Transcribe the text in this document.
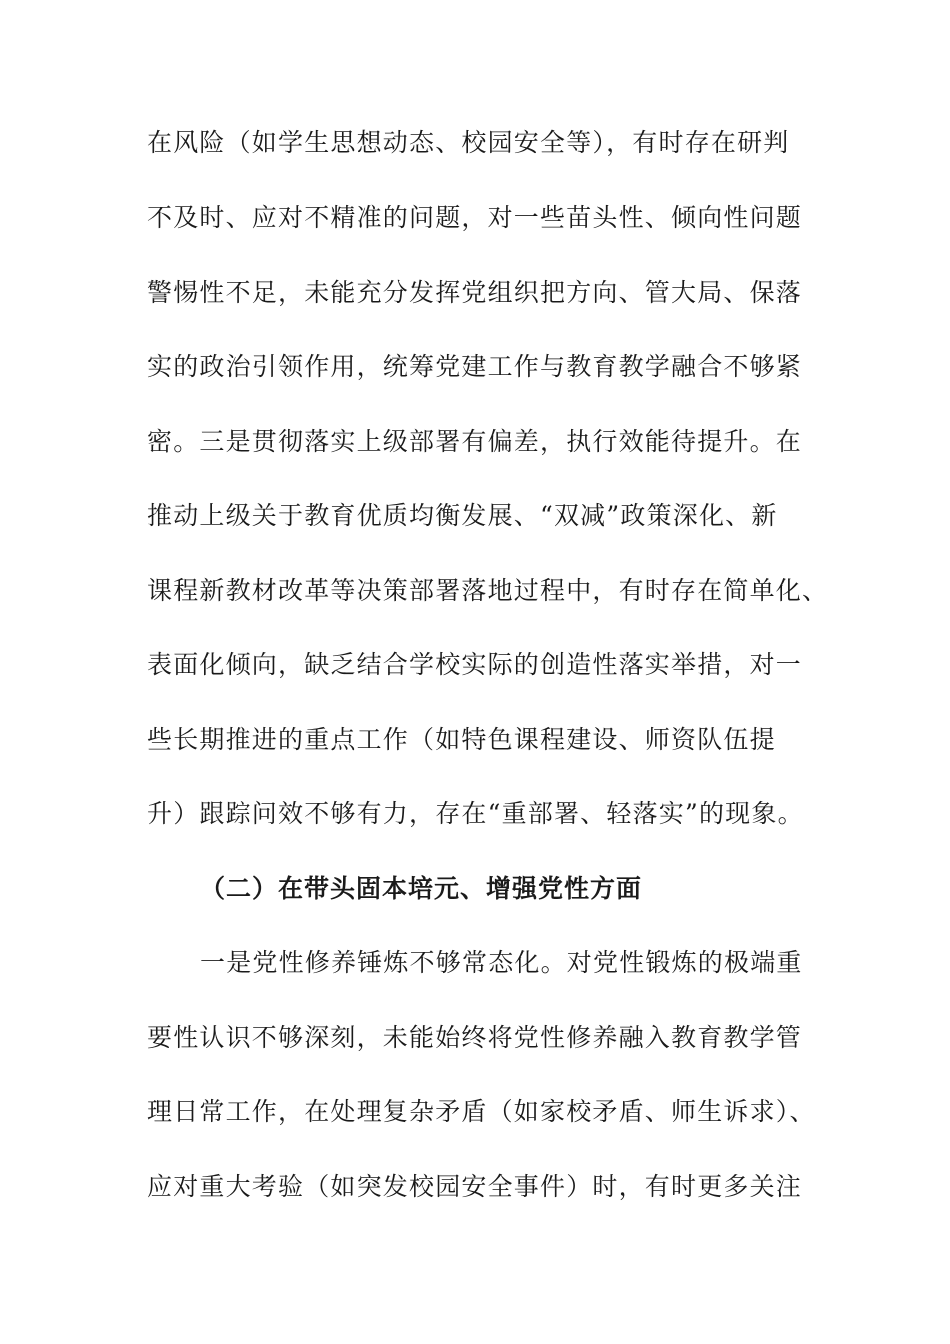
在风险（如学生思想动态、校园安全等），有时存在研判
不及时、应对不精准的问题，对一些苗头性、倾向性问题
警惕性不足，未能充分发挥党组织把方向、管大局、保落
实的政治引领作用，统筹党建工作与教育教学融合不够紧
密。三是贯彻落实上级部署有偏差，执行效能待提升。在
推动上级关于教育优质均衡发展、“双减”政策深化、新
课程新教材改革等决策部署落地过程中，有时存在简单化、
表面化倾向，缺乏结合学校实际的创造性落实举措，对一
些长期推进的重点工作（如特色课程建设、师资队伍提
升）跟踪问效不够有力，存在“重部署、轻落实”的现象。
（二）在带头固本培元、增强党性方面
一是党性修养锤炼不够常态化。对党性锻炼的极端重
要性认识不够深刻，未能始终将党性修养融入教育教学管
理日常工作，在处理复杂矛盾（如家校矛盾、师生诉求）、
应对重大考验（如突发校园安全事件）时，有时更多关注
